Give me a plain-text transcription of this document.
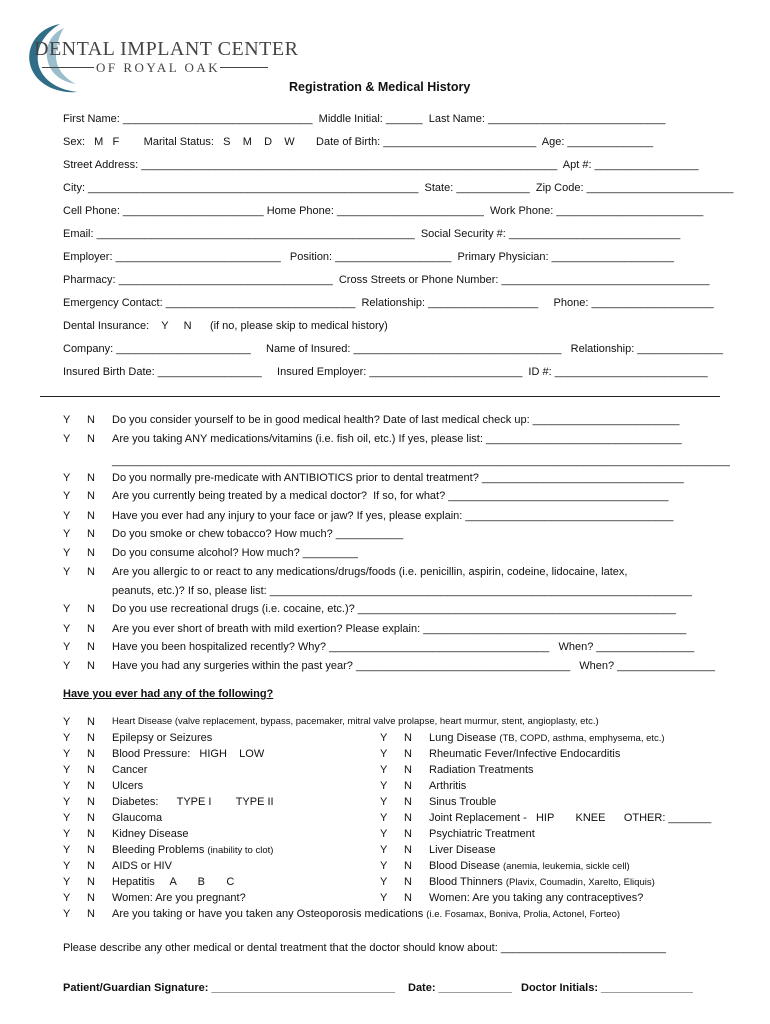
DENTAL IMPLANT CENTER
OF ROYAL OAK
Registration & Medical History
First Name: _______________________________  Middle Initial: ______  Last Name: _____________________________
Sex:   M   F        Marital Status:   S    M    D    W       Date of Birth: _________________________  Age: ______________
Street Address: ____________________________________________________________________  Apt #: _________________
City: ______________________________________________________  State: ____________  Zip Code: ________________________
Cell Phone: _______________________ Home Phone: ________________________  Work Phone: ________________________
Email: ____________________________________________________  Social Security #: ____________________________
Employer: ___________________________   Position: ___________________  Primary Physician: ____________________
Pharmacy: ___________________________________  Cross Streets or Phone Number: __________________________________
Emergency Contact: _______________________________  Relationship: __________________     Phone: ____________________
Dental Insurance:    Y     N      (if no, please skip to medical history)
Company: ______________________     Name of Insured: __________________________________   Relationship: ______________
Insured Birth Date: _________________     Insured Employer: _________________________  ID #: _________________________
Y N Do you consider yourself to be in good medical health? Date of last medical check up: ________________________
Y N Are you taking ANY medications/vitamins (i.e. fish oil, etc.) If yes, please list: ________________________________
_____________________________________________________________________________________________________
Y N Do you normally pre-medicate with ANTIBIOTICS prior to dental treatment? _________________________________
Y N Are you currently being treated by a medical doctor?  If so, for what? ____________________________________
Y N Have you ever had any injury to your face or jaw? If yes, please explain: __________________________________
Y N Do you smoke or chew tobacco? How much? ___________
Y N Do you consume alcohol? How much? _________
Y N Are you allergic to or react to any medications/drugs/foods (i.e. penicillin, aspirin, codeine, lidocaine, latex,
peanuts, etc.)? If so, please list: _____________________________________________________________________
Y N Do you use recreational drugs (i.e. cocaine, etc.)? ____________________________________________________
Y N Are you ever short of breath with mild exertion? Please explain: ___________________________________________
Y N Have you been hospitalized recently? Why? ____________________________________   When? ________________
Y N Have you had any surgeries within the past year? ___________________________________   When? ________________
Have you ever had any of the following?
Y N Heart Disease (valve replacement, bypass, pacemaker, mitral valve prolapse, heart murmur, stent, angioplasty, etc.)
Y N Epilepsy or Seizures
Y N Blood Pressure:   HIGH    LOW
Y N Cancer
Y N Ulcers
Y N Diabetes:      TYPE I        TYPE II
Y N Glaucoma
Y N Kidney Disease
Y N Bleeding Problems (inability to clot)
Y N AIDS or HIV
Y N Hepatitis     A       B       C
Y N Women: Are you pregnant?
Y N Are you taking or have you taken any Osteoporosis medications (i.e. Fosamax, Boniva, Prolia, Actonel, Forteo)
Y N Lung Disease (TB, COPD, asthma, emphysema, etc.)
Y N Rheumatic Fever/Infective Endocarditis
Y N Radiation Treatments
Y N Arthritis
Y N Sinus Trouble
Y N Joint Replacement -   HIP       KNEE      OTHER: _______
Y N Psychiatric Treatment
Y N Liver Disease
Y N Blood Disease (anemia, leukemia, sickle cell)
Y N Blood Thinners (Plavix, Coumadin, Xarelto, Eliquis)
Y N Women: Are you taking any contraceptives?
Please describe any other medical or dental treatment that the doctor should know about: ___________________________
Patient/Guardian Signature: ______________________________ Date: ____________ Doctor Initials: _______________
